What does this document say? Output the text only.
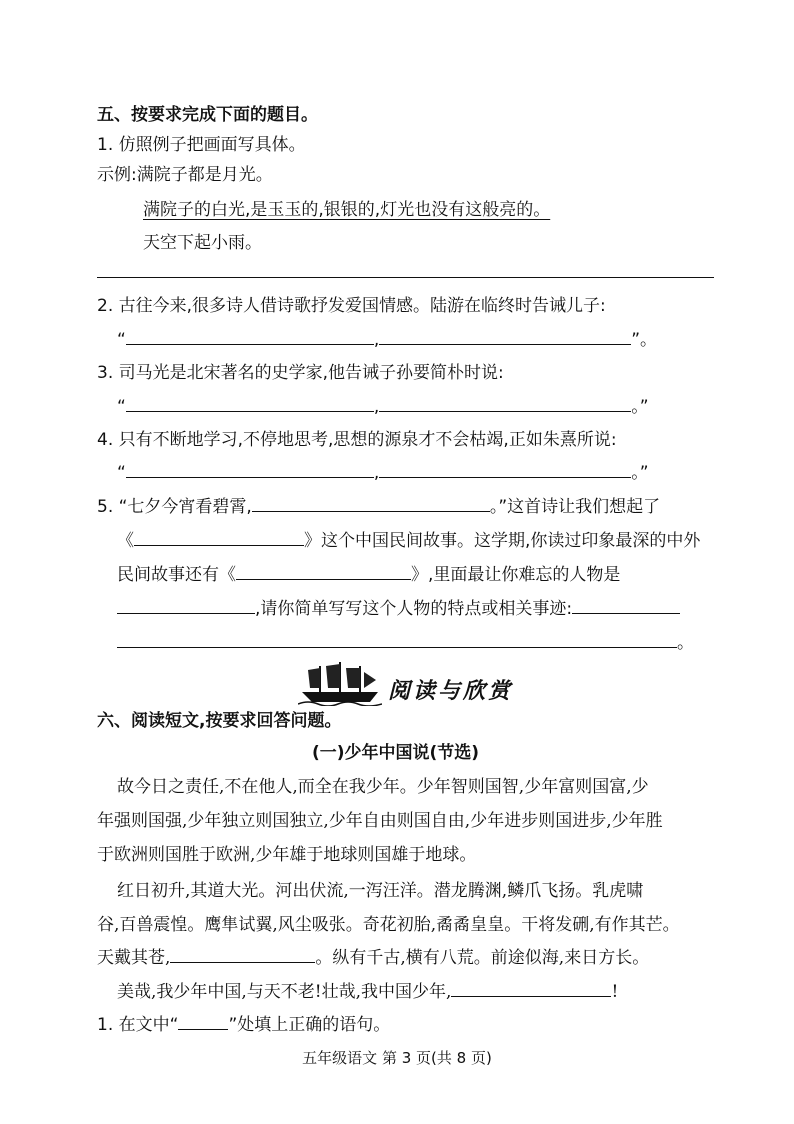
五、按要求完成下面的题目。
1. 仿照例子把画面写具体。
示例:满院子都是月光。
满院子的白光,是玉玉的,银银的,灯光也没有这般亮的。
天空下起小雨。
2. 古往今来,很多诗人借诗歌抒发爱国情感。陆游在临终时告诫儿子:
“	,	”。
3. 司马光是北宋著名的史学家,他告诫子孙要简朴时说:
“	,	。”
4. 只有不断地学习,不停地思考,思想的源泉才不会枯竭,正如朱熹所说:
“	,	。”
5. “七夕今宵看碧霄,	。”这首诗让我们想起了
《	》这个中国民间故事。这学期,你读过印象最深的中外
民间故事还有《	》,里面最让你难忘的人物是
,请你简单写写这个人物的特点或相关事迹:
。
阅读与欣赏
六、阅读短文,按要求回答问题。
(一)少年中国说(节选)
故今日之责任,不在他人,而全在我少年。少年智则国智,少年富则国富,少
年强则国强,少年独立则国独立,少年自由则国自由,少年进步则国进步,少年胜
于欧洲则国胜于欧洲,少年雄于地球则国雄于地球。
红日初升,其道大光。河出伏流,一泻汪洋。潜龙腾渊,鳞爪飞扬。乳虎啸
谷,百兽震惶。鹰隼试翼,风尘吸张。奇花初胎,矞矞皇皇。干将发硎,有作其芒。
天戴其苍,	。纵有千古,横有八荒。前途似海,来日方长。
美哉,我少年中国,与天不老!壮哉,我中国少年,	!
1. 在文中“	”处填上正确的语句。
五年级语文 第 3 页(共 8 页)
